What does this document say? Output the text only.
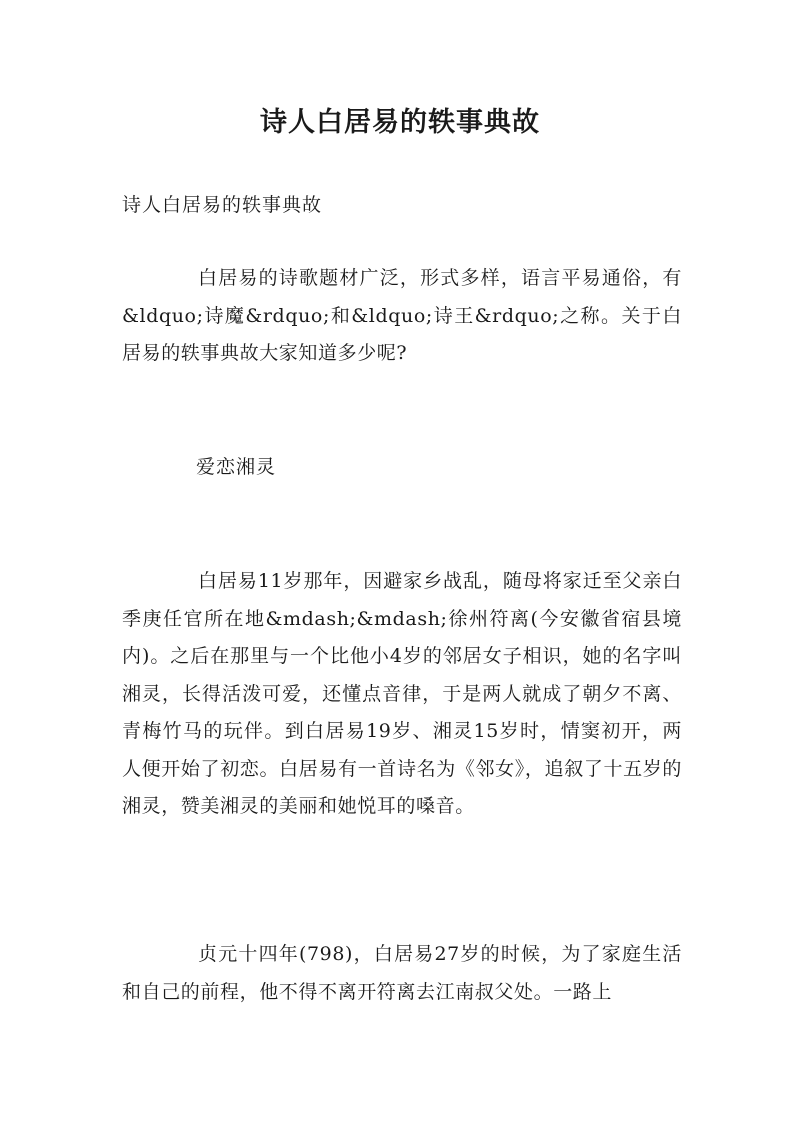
诗人白居易的轶事典故
诗人白居易的轶事典故

白居易的诗歌题材广泛，形式多样，语言平易通俗，有&ldquo;诗魔&rdquo;和&ldquo;诗王&rdquo;之称。关于白居易的轶事典故大家知道多少呢?

爱恋湘灵

白居易11岁那年，因避家乡战乱，随母将家迁至父亲白季庚任官所在地&mdash;&mdash;徐州符离(今安徽省宿县境内)。之后在那里与一个比他小4岁的邻居女子相识，她的名字叫湘灵，长得活泼可爱，还懂点音律，于是两人就成了朝夕不离、青梅竹马的玩伴。到白居易19岁、湘灵15岁时，情窦初开，两人便开始了初恋。白居易有一首诗名为《邻女》，追叙了十五岁的湘灵，赞美湘灵的美丽和她悦耳的嗓音。

贞元十四年(798)，白居易27岁的时候，为了家庭生活和自己的前程，他不得不离开符离去江南叔父处。一路上
